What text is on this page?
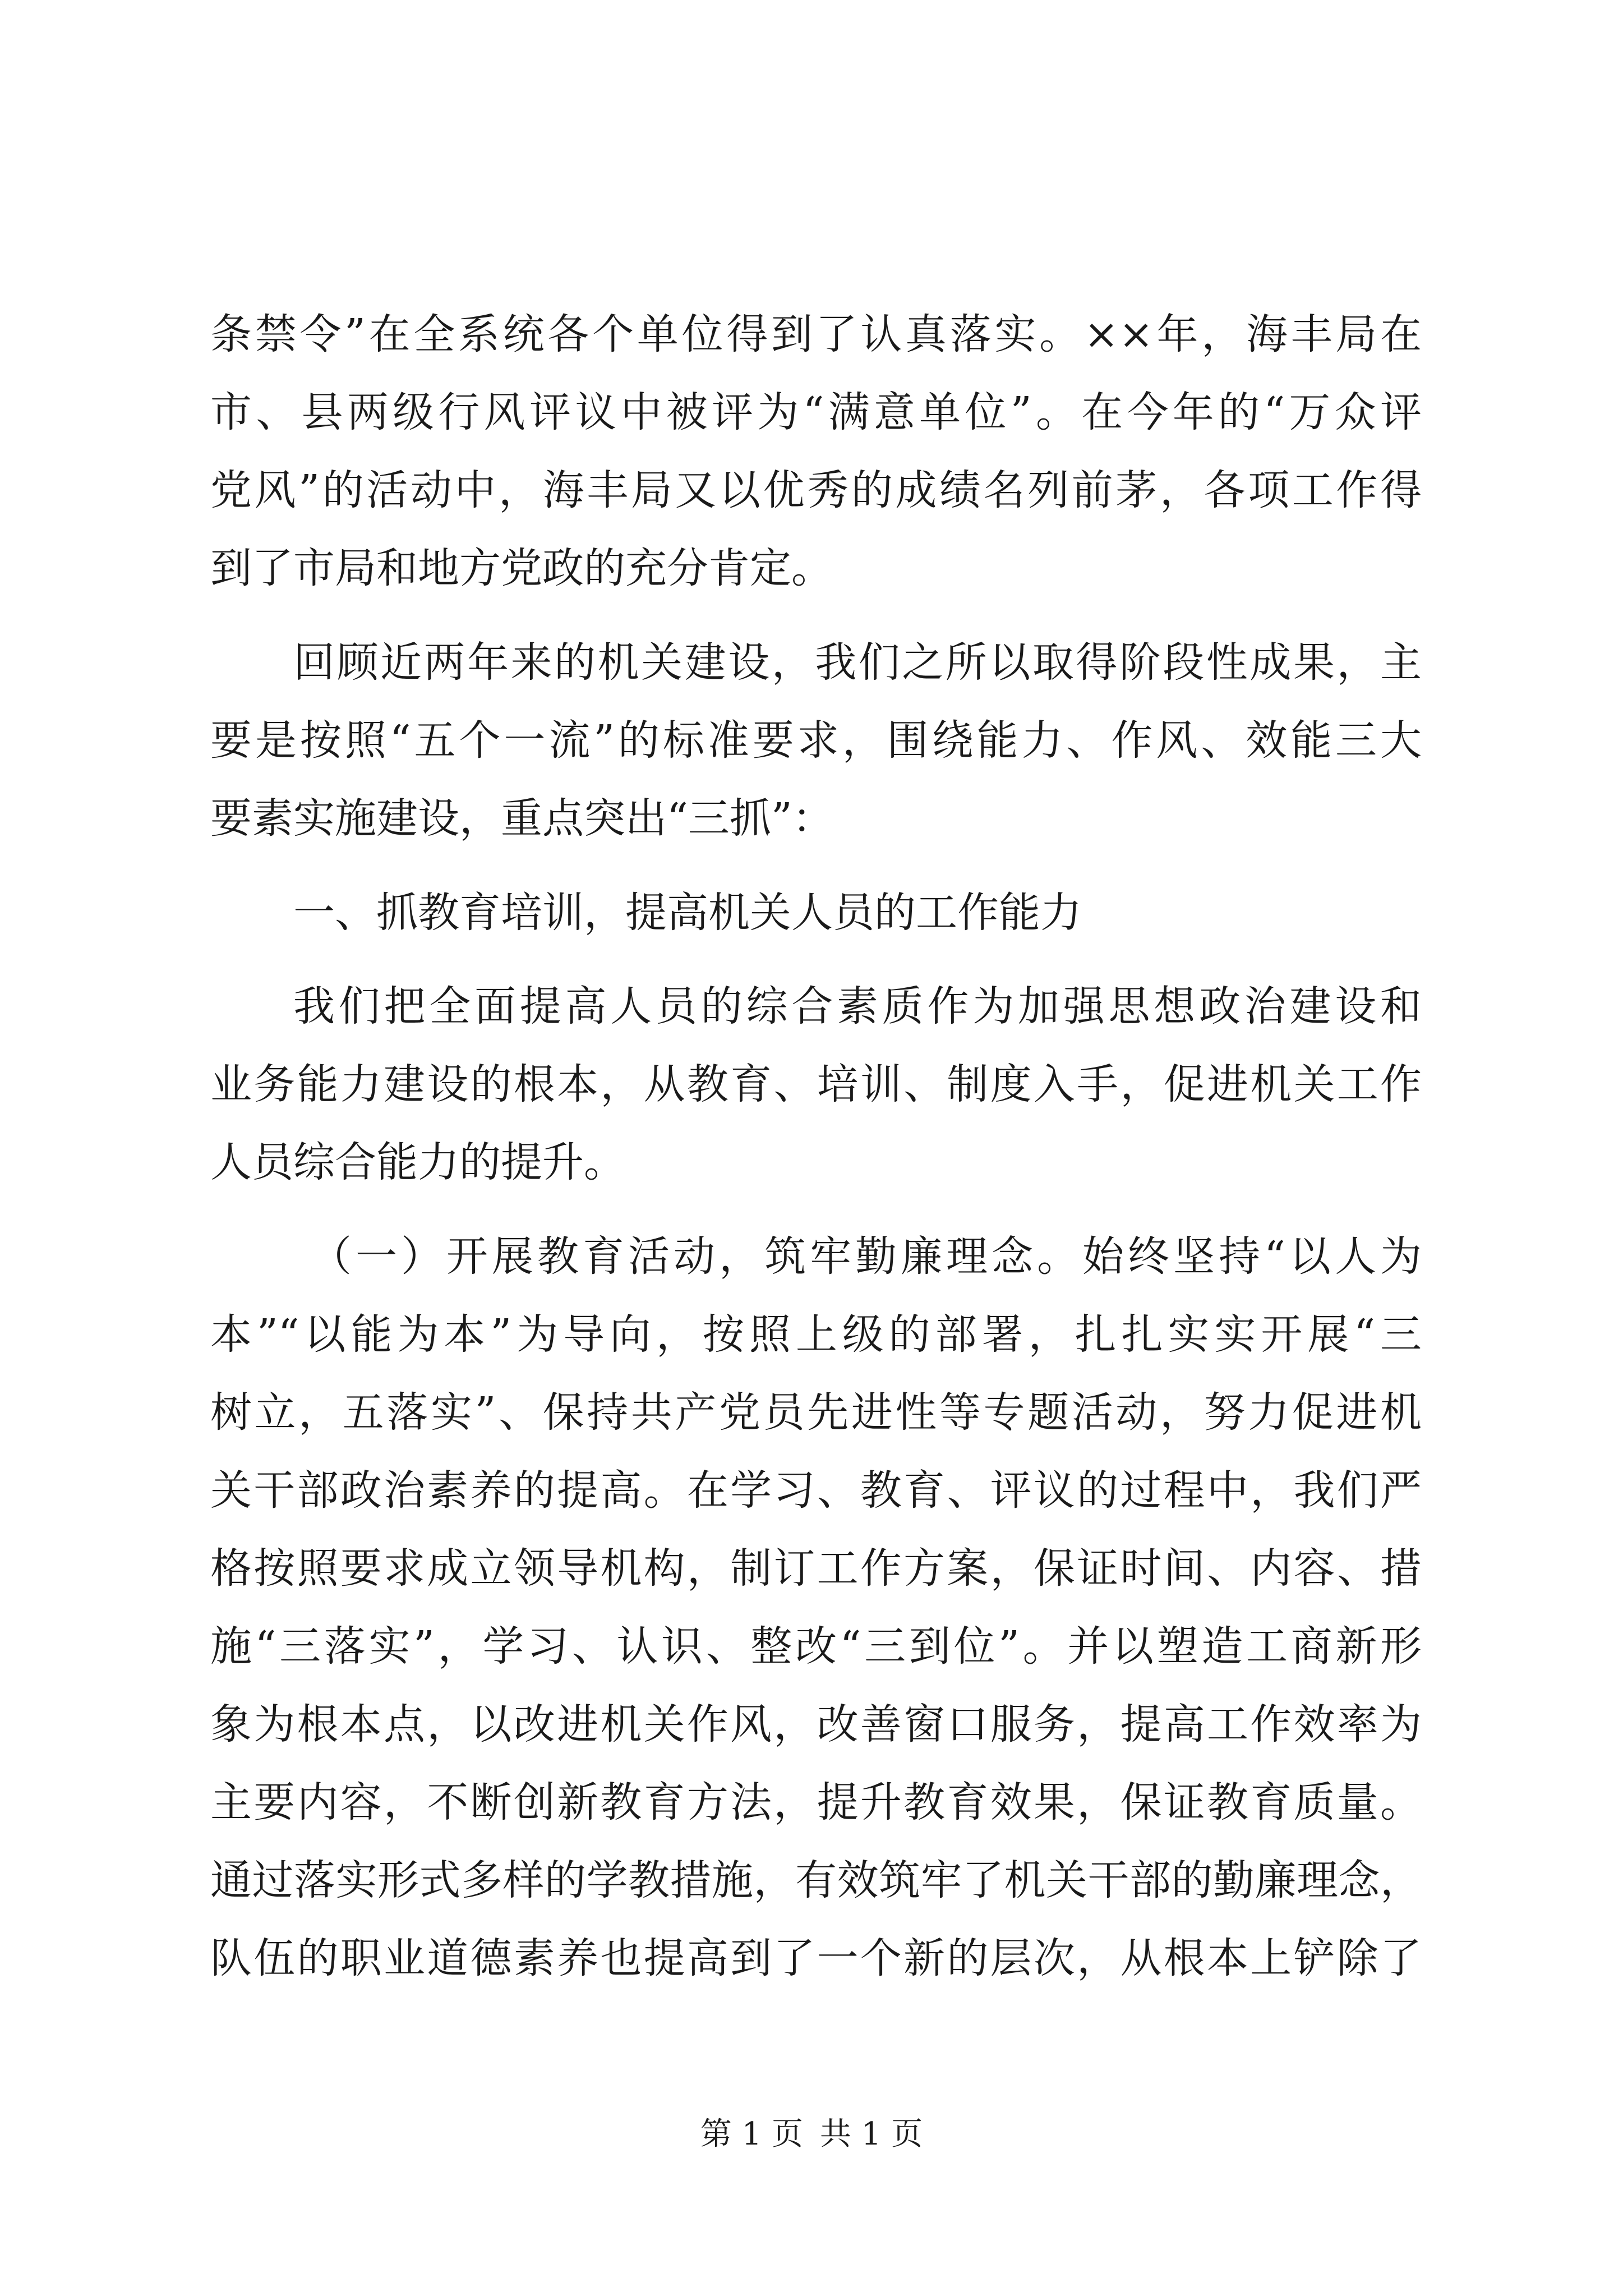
条禁令”在全系统各个单位得到了认真落实。××年，海丰局在
市、县两级行风评议中被评为“满意单位”。在今年的“万众评
党风”的活动中，海丰局又以优秀的成绩名列前茅，各项工作得
到了市局和地方党政的充分肯定。
回顾近两年来的机关建设，我们之所以取得阶段性成果，主
要是按照“五个一流”的标准要求，围绕能力、作风、效能三大
要素实施建设，重点突出“三抓”：
一、抓教育培训，提高机关人员的工作能力
我们把全面提高人员的综合素质作为加强思想政治建设和
业务能力建设的根本，从教育、培训、制度入手，促进机关工作
人员综合能力的提升。
（一）开展教育活动，筑牢勤廉理念。始终坚持“以人为
本”“以能为本”为导向，按照上级的部署，扎扎实实开展“三
树立，五落实”、保持共产党员先进性等专题活动，努力促进机
关干部政治素养的提高。在学习、教育、评议的过程中，我们严
格按照要求成立领导机构，制订工作方案，保证时间、内容、措
施“三落实”，学习、认识、整改“三到位”。并以塑造工商新形
象为根本点，以改进机关作风，改善窗口服务，提高工作效率为
主要内容，不断创新教育方法，提升教育效果，保证教育质量。
通过落实形式多样的学教措施，有效筑牢了机关干部的勤廉理念，
队伍的职业道德素养也提高到了一个新的层次，从根本上铲除了
第 1 页 共 1 页
